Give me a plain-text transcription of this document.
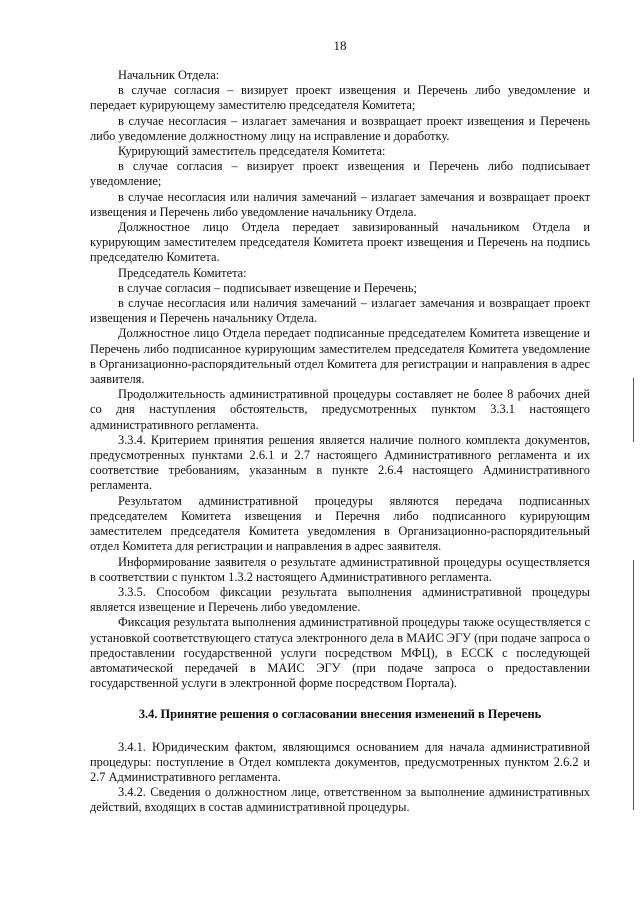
18

Начальник Отдела:

в случае согласия – визирует проект извещения и Перечень либо уведомление и передает курирующему заместителю председателя Комитета;

в случае несогласия – излагает замечания и возвращает проект извещения и Перечень либо уведомление должностному лицу на исправление и доработку.

Курирующий заместитель председателя Комитета:

в случае согласия – визирует проект извещения и Перечень либо подписывает уведомление;

в случае несогласия или наличия замечаний – излагает замечания и возвращает проект извещения и Перечень либо уведомление начальнику Отдела.

Должностное лицо Отдела передает завизированный начальником Отдела и курирующим заместителем председателя Комитета проект извещения и Перечень на подпись председателю Комитета.

Председатель Комитета:

в случае согласия – подписывает извещение и Перечень;

в случае несогласия или наличия замечаний – излагает замечания и возвращает проект извещения и Перечень начальнику Отдела.

Должностное лицо Отдела передает подписанные председателем Комитета извещение и Перечень либо подписанное курирующим заместителем председателя Комитета уведомление в Организационно-распорядительный отдел Комитета для регистрации и направления в адрес заявителя.

Продолжительность административной процедуры составляет не более 8 рабочих дней со дня наступления обстоятельств, предусмотренных пунктом 3.3.1 настоящего административного регламента.

3.3.4. Критерием принятия решения является наличие полного комплекта документов, предусмотренных пунктами 2.6.1 и 2.7 настоящего Административного регламента и их соответствие требованиям, указанным в пункте 2.6.4 настоящего Административного регламента.

Результатом административной процедуры являются передача подписанных председателем Комитета извещения и Перечня либо подписанного курирующим заместителем председателя Комитета уведомления в Организационно-распорядительный отдел Комитета для регистрации и направления в адрес заявителя.

Информирование заявителя о результате административной процедуры осуществляется в соответствии с пунктом 1.3.2 настоящего Административного регламента.

3.3.5. Способом фиксации результата выполнения административной процедуры является извещение и Перечень либо уведомление.

Фиксация результата выполнения административной процедуры также осуществляется с установкой соответствующего статуса электронного дела в МАИС ЭГУ (при подаче запроса о предоставлении государственной услуги посредством МФЦ), в ЕССК с последующей автоматической передачей в МАИС ЭГУ (при подаче запроса о предоставлении государственной услуги в электронной форме посредством Портала).

3.4. Принятие решения о согласовании внесения изменений в Перечень

3.4.1. Юридическим фактом, являющимся основанием для начала административной процедуры: поступление в Отдел комплекта документов, предусмотренных пунктом 2.6.2 и 2.7 Административного регламента.

3.4.2. Сведения о должностном лице, ответственном за выполнение административных действий, входящих в состав административной процедуры.
